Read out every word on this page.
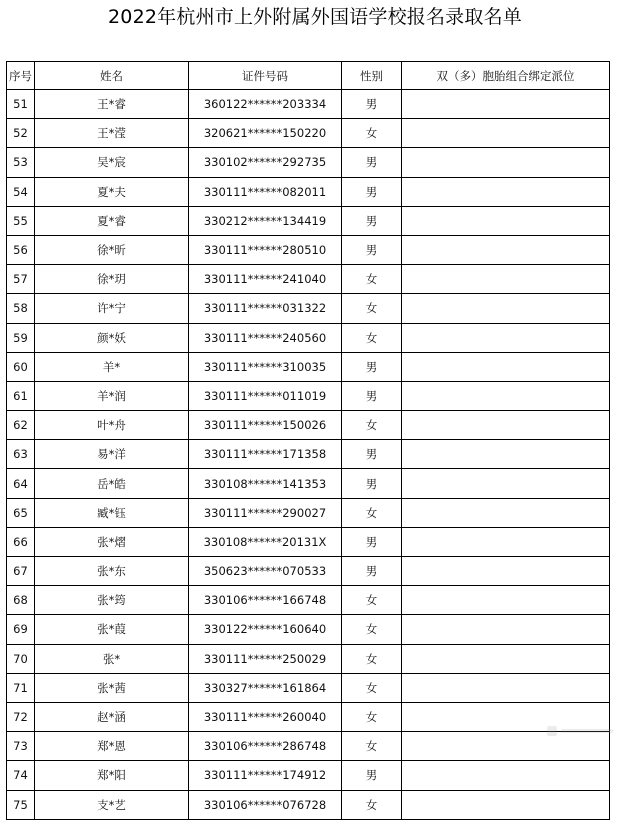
2022年杭州市上外附属外国语学校报名录取名单
序号	姓名	证件号码	性别	双（多）胞胎组合绑定派位
51	王*睿	360122******203334	男	
52	王*滢	320621******150220	女	
53	吴*宸	330102******292735	男	
54	夏*夫	330111******082011	男	
55	夏*睿	330212******134419	男	
56	徐*昕	330111******280510	男	
57	徐*玥	330111******241040	女	
58	许*宁	330111******031322	女	
59	颜*妖	330111******240560	女	
60	羊*	330111******310035	男	
61	羊*润	330111******011019	男	
62	叶*舟	330111******150026	女	
63	易*洋	330111******171358	男	
64	岳*皓	330108******141353	男	
65	臧*钰	330111******290027	女	
66	张*熠	330108******20131X	男	
67	张*东	350623******070533	男	
68	张*筠	330106******166748	女	
69	张*葭	330122******160640	女	
70	张*	330111******250029	女	
71	张*茜	330327******161864	女	
72	赵*涵	330111******260040	女	
73	郑*恩	330106******286748	女	
74	郑*阳	330111******174912	男	
75	支*艺	330106******076728	女	
